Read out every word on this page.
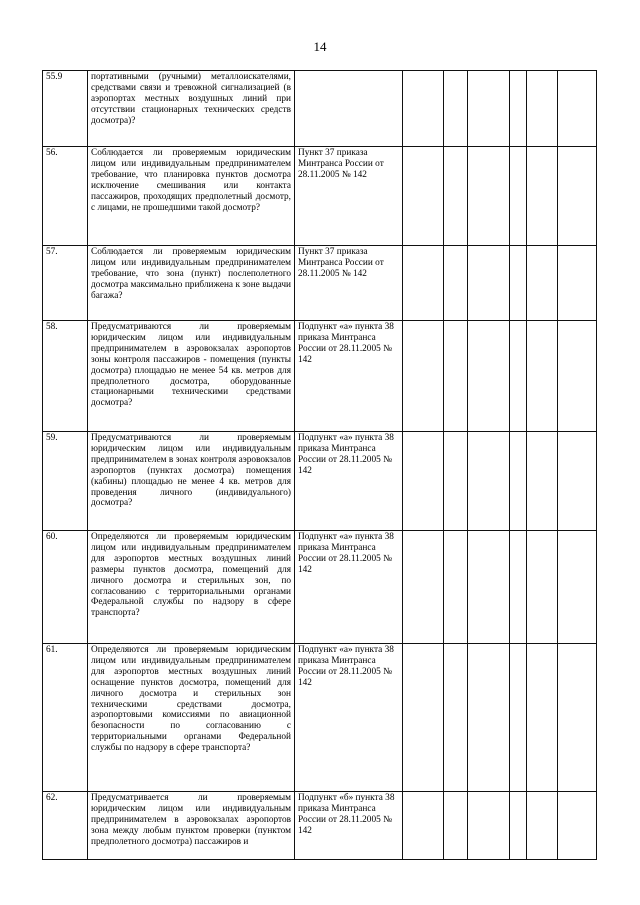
14
55.9	портативными (ручными) металлоискателями, средствами связи и тревожной сигнализацией (в аэропортах местных воздушных линий при отсутствии стационарных технических средств досмотра)?							

56.	Соблюдается ли проверяемым юридическим лицом или индивидуальным предпринимателем требование, что планировка пунктов досмотра исключение смешивания или контакта пассажиров, проходящих предполетный досмотр, с лицами, не прошедшими такой досмотр?	Пункт 37 приказа Минтранса России от 28.11.2005 № 142						

57.	Соблюдается ли проверяемым юридическим лицом или индивидуальным предпринимателем требование, что зона (пункт) послеполетного досмотра максимально приближена к зоне выдачи багажа?	Пункт 37 приказа Минтранса России от 28.11.2005 № 142						

58.	Предусматриваются ли проверяемым юридическим лицом или индивидуальным предпринимателем в аэровокзалах аэропортов зоны контроля пассажиров - помещения (пункты досмотра) площадью не менее 54 кв. метров для предполетного досмотра, оборудованные стационарными техническими средствами досмотра?	Подпункт «а» пункта 38 приказа Минтранса России от 28.11.2005 № 142						

59.	Предусматриваются ли проверяемым юридическим лицом или индивидуальным предпринимателем в зонах контроля аэровокзалов аэропортов (пунктах досмотра) помещения (кабины) площадью не менее 4 кв. метров для проведения личного (индивидуального) досмотра?	Подпункт «а» пункта 38 приказа Минтранса России от 28.11.2005 № 142						

60.	Определяются ли проверяемым юридическим лицом или индивидуальным предпринимателем для аэропортов местных воздушных линий размеры пунктов досмотра, помещений для личного досмотра и стерильных зон, по согласованию с территориальными органами Федеральной службы по надзору в сфере транспорта?	Подпункт «а» пункта 38 приказа Минтранса России от 28.11.2005 № 142						

61.	Определяются ли проверяемым юридическим лицом или индивидуальным предпринимателем для аэропортов местных воздушных линий оснащение пунктов досмотра, помещений для личного досмотра и стерильных зон техническими средствами досмотра, аэропортовыми комиссиями по авиационной безопасности по согласованию с территориальными органами Федеральной службы по надзору в сфере транспорта?	Подпункт «а» пункта 38 приказа Минтранса России от 28.11.2005 № 142						

62.	Предусматривается ли проверяемым юридическим лицом или индивидуальным предпринимателем в аэровокзалах аэропортов зона между любым пунктом проверки (пунктом предполетного досмотра) пассажиров и	Подпункт «б» пункта 38 приказа Минтранса России от 28.11.2005 № 142						
